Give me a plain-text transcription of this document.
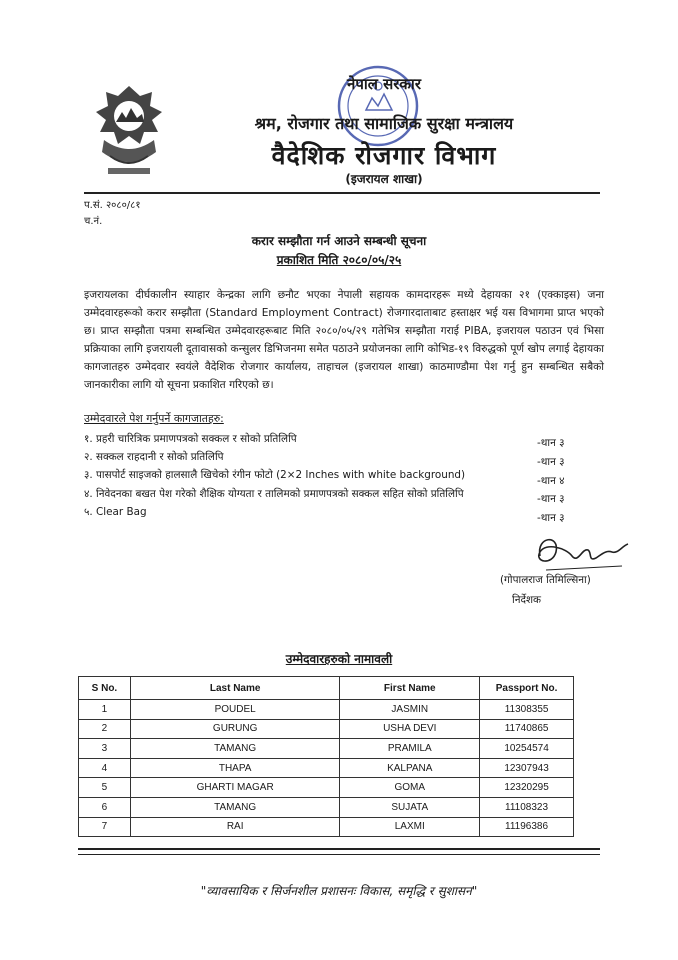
नेपाल सरकार
श्रम, रोजगार तथा सामाजिक सुरक्षा मन्त्रालय
वैदेशिक रोजगार विभाग
(इजरायल शाखा)
प.सं. २०८०/८१
च.नं.
करार सम्झौता गर्न आउने सम्बन्धी सूचना
प्रकाशित मिति २०८०/०५/२५
इजरायलका दीर्घकालीन स्याहार केन्द्रका लागि छनौट भएका नेपाली सहायक कामदारहरू मध्ये देहायका २१ (एक्काइस) जना उम्मेदवारहरूको करार सम्झौता (Standard Employment Contract) रोजगारदाताबाट हस्ताक्षर भई यस विभागमा प्राप्त भएको छ। प्राप्त सम्झौता पत्रमा सम्बन्धित उम्मेदवारहरूबाट मिति २०८०/०५/२९ गतेभित्र सम्झौता गराई PIBA, इजरायल पठाउन एवं भिसा प्रक्रियाका लागि इजरायली दूतावासको कन्सुलर डिभिजनमा समेत पठाउने प्रयोजनका लागि कोभिड-१९ विरुद्धको पूर्ण खोप लगाई देहायका कागजातहरु उम्मेदवार स्वयंले वैदेशिक रोजगार कार्यालय, ताहाचल (इजरायल शाखा) काठमाण्डौमा पेश गर्नु हुन सम्बन्धित सबैको जानकारीका लागि यो सूचना प्रकाशित गरिएको छ।
उम्मेदवारले पेश गर्नुपर्ने कागजातहरु:
१. प्रहरी चारित्रिक प्रमाणपत्रको सक्कल र सोको प्रतिलिपि	-थान ३
२. सक्कल राहदानी र सोको प्रतिलिपि	-थान ३
३. पासपोर्ट साइजको हालसालै खिचेको रंगीन फोटो (2×2 Inches with white background)	-थान ४
४. निवेदनका बखत पेश गरेको शैक्षिक योग्यता र तालिमको प्रमाणपत्रको सक्कल सहित सोको प्रतिलिपि	-थान ३
५. Clear Bag	-थान ३
(गोपालराज तिमिल्सिना)
निर्देशक
उम्मेदवारहरुको नामावली
S No.	Last Name	First Name	Passport No.
1	POUDEL	JASMIN	11308355
2	GURUNG	USHA DEVI	11740865
3	TAMANG	PRAMILA	10254574
4	THAPA	KALPANA	12307943
5	GHARTI MAGAR	GOMA	12320295
6	TAMANG	SUJATA	11108323
7	RAI	LAXMI	11196386
"व्यावसायिक र सिर्जनशील प्रशासनः विकास, समृद्धि र सुशासन"
